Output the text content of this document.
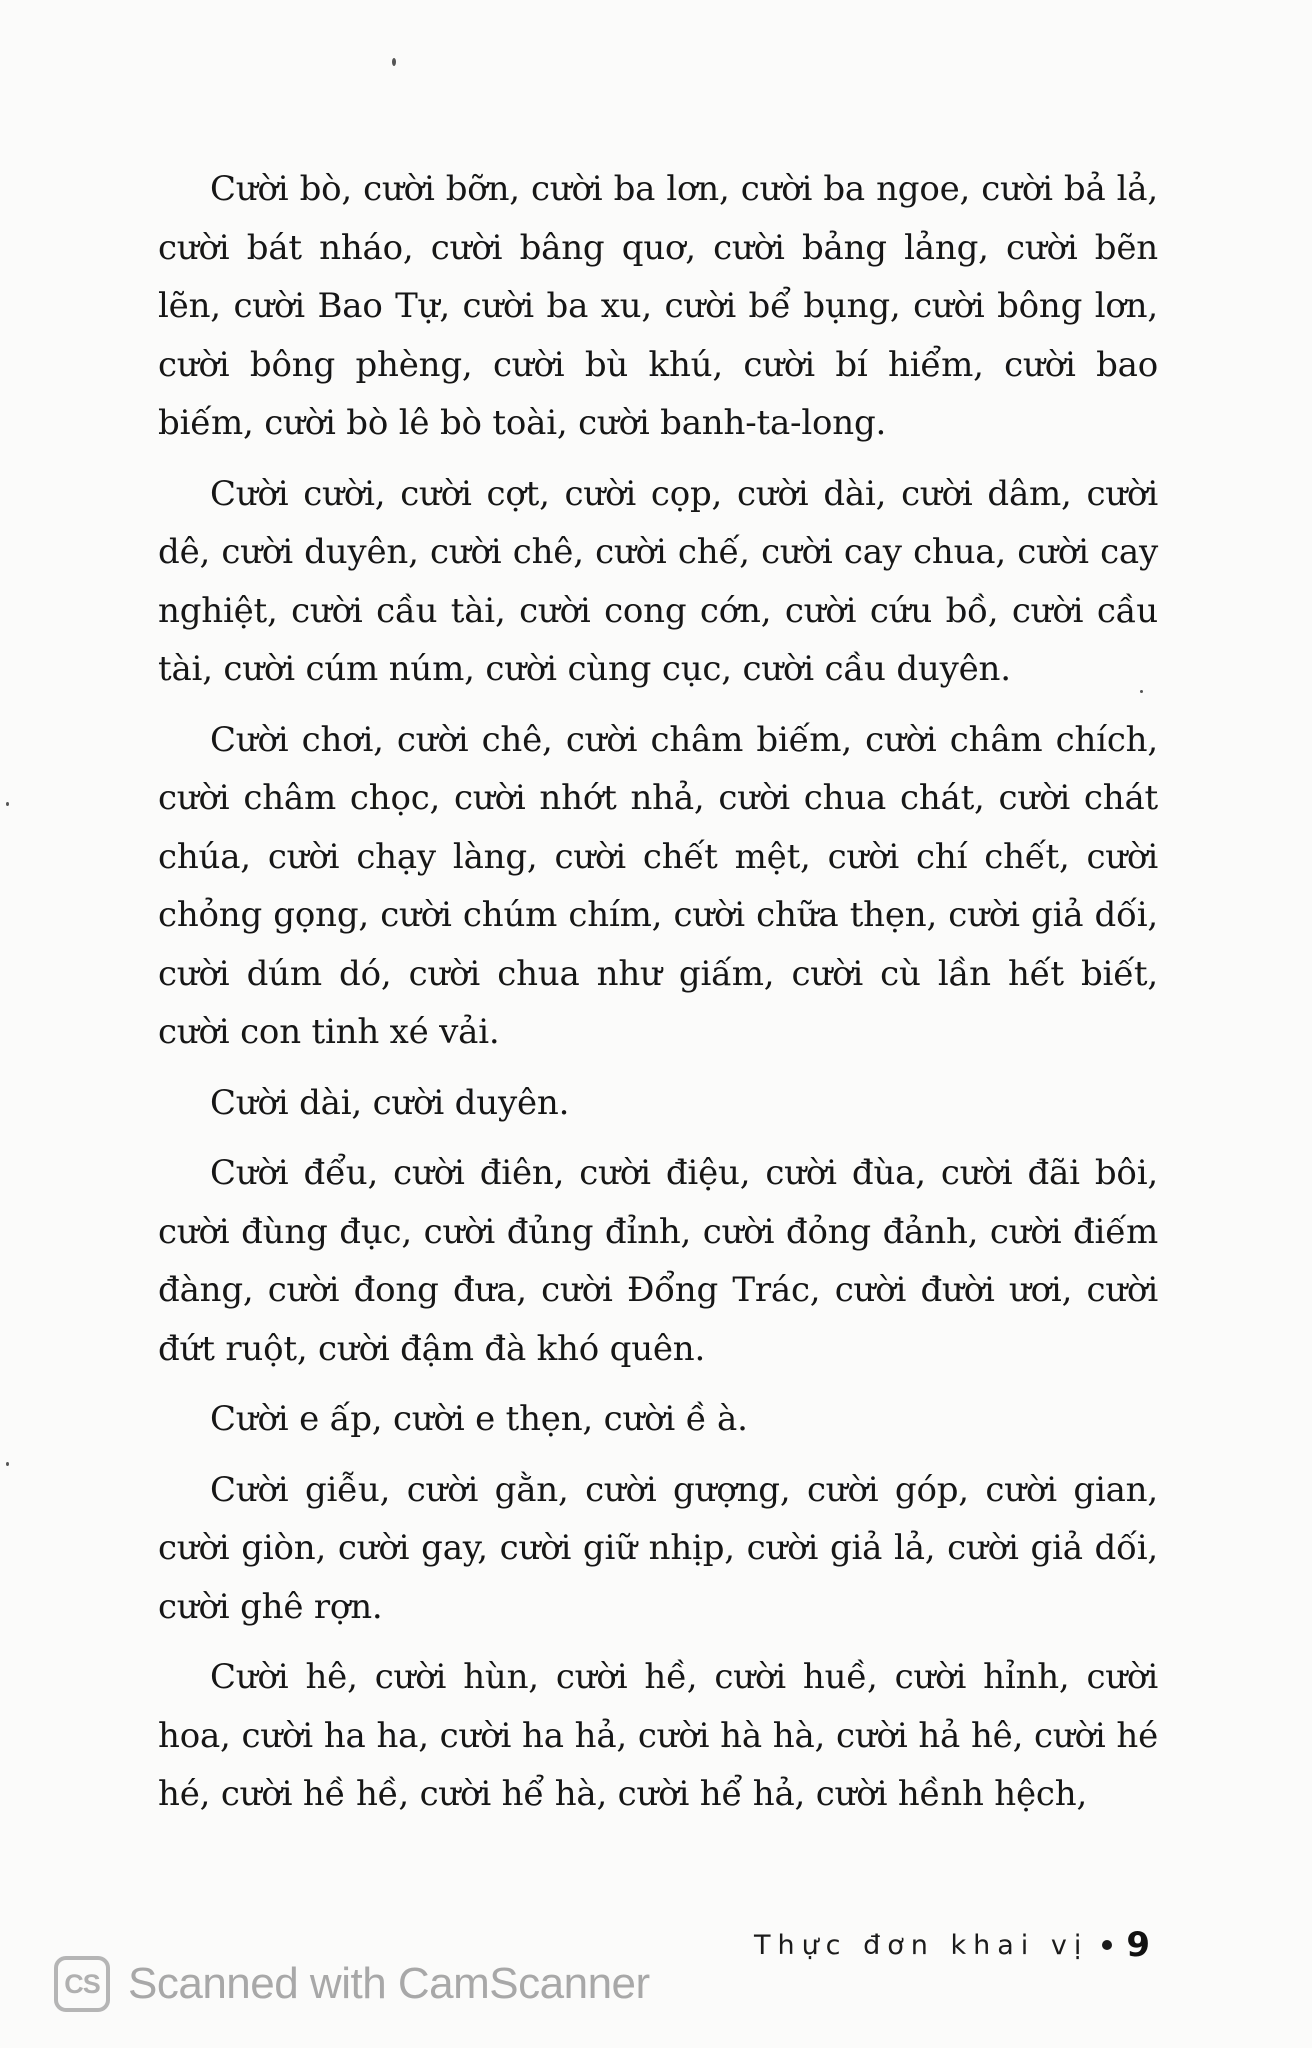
Cười bò, cười bỡn, cười ba lơn, cười ba ngoe, cười bả lả, cười bát nháo, cười bâng quơ, cười bảng lảng, cười bẽn lẽn, cười Bao Tự, cười ba xu, cười bể bụng, cười bông lơn, cười bông phèng, cười bù khú, cười bí hiểm, cười bao biếm, cười bò lê bò toài, cười banh-ta-long.

Cười cười, cười cợt, cười cọp, cười dài, cười dâm, cười dê, cười duyên, cười chê, cười chế, cười cay chua, cười cay nghiệt, cười cầu tài, cười cong cớn, cười cứu bồ, cười cầu tài, cười cúm núm, cười cùng cục, cười cầu duyên.

Cười chơi, cười chê, cười châm biếm, cười châm chích, cười châm chọc, cười nhớt nhả, cười chua chát, cười chát chúa, cười chạy làng, cười chết mệt, cười chí chết, cười chỏng gọng, cười chúm chím, cười chữa thẹn, cười giả dối, cười dúm dó, cười chua như giấm, cười cù lần hết biết, cười con tinh xé vải.

Cười dài, cười duyên.

Cười đểu, cười điên, cười điệu, cười đùa, cười đãi bôi, cười đùng đục, cười đủng đỉnh, cười đỏng đảnh, cười điếm đàng, cười đong đưa, cười Đổng Trác, cười đười ươi, cười đứt ruột, cười đậm đà khó quên.

Cười e ấp, cười e thẹn, cười ề à.

Cười giễu, cười gằn, cười gượng, cười góp, cười gian, cười giòn, cười gay, cười giữ nhịp, cười giả lả, cười giả dối, cười ghê rợn.

Cười hê, cười hùn, cười hề, cười huề, cười hỉnh, cười hoa, cười ha ha, cười ha hả, cười hà hà, cười hả hê, cười hé hé, cười hề hề, cười hể hà, cười hể hả, cười hềnh hệch,

Thực đơn khai vị 9
CS Scanned with CamScanner
